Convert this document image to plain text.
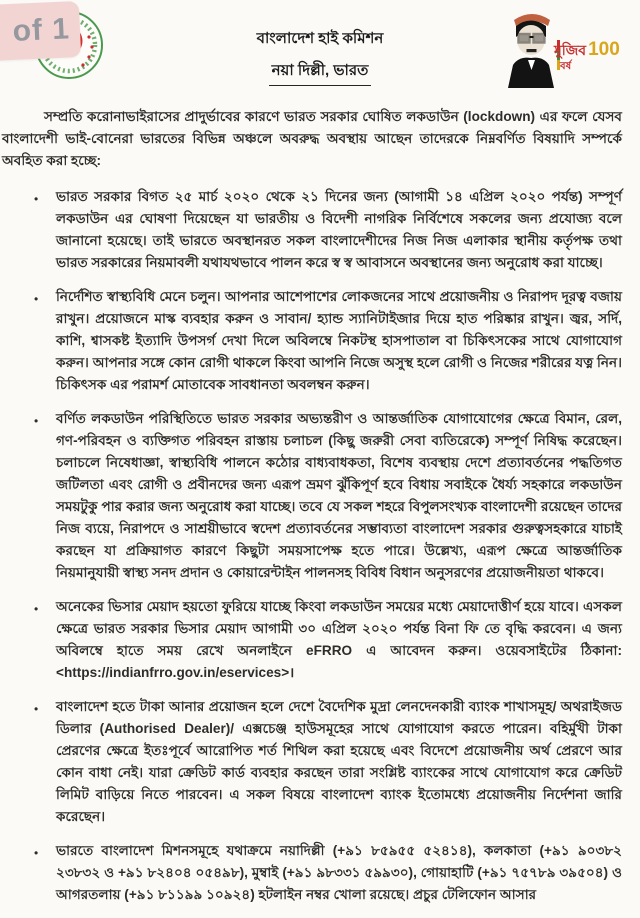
of 1	বাংলাদেশ হাই কমিশন
নয়া দিল্লী, ভারত
মুজিব 100
বর্ষ

সম্প্রতি করোনাভাইরাসের প্রাদুর্ভাবের কারণে ভারত সরকার ঘোষিত লকডাউন (lockdown) এর ফলে যেসব বাংলাদেশী ভাই-বোনেরা ভারতের বিভিন্ন অঞ্চলে অবরুদ্ধ অবস্থায় আছেন তাদেরকে নিম্নবর্ণিত বিষয়াদি সম্পর্কে অবহিত করা হচ্ছে:

•

ভারত সরকার বিগত ২৫ মার্চ ২০২০ থেকে ২১ দিনের জন্য (আগামী ১৪ এপ্রিল ২০২০ পর্যন্ত) সম্পূর্ণ লকডাউন এর ঘোষণা দিয়েছেন যা ভারতীয় ও বিদেশী নাগরিক নির্বিশেষে সকলের জন্য প্রযোজ্য বলে জানানো হয়েছে। তাই ভারতে অবস্থানরত সকল বাংলাদেশীদের নিজ নিজ এলাকার স্থানীয় কর্তৃপক্ষ তথা ভারত সরকারের নিয়মাবলী যথাযথভাবে পালন করে স্ব স্ব আবাসনে অবস্থানের জন্য অনুরোধ করা যাচ্ছে।

•

নির্দেশিত স্বাস্থ্যবিধি মেনে চলুন। আপনার আশেপাশের লোকজনের সাথে প্রয়োজনীয় ও নিরাপদ দূরত্ব বজায় রাখুন। প্রয়োজনে মাস্ক ব্যবহার করুন ও সাবান/ হ্যান্ড স্যানিটাইজার দিয়ে হাত পরিষ্কার রাখুন। জ্বর, সর্দি, কাশি, শ্বাসকষ্ট ইত্যাদি উপসর্গ দেখা দিলে অবিলম্বে নিকটস্থ হাসপাতাল বা চিকিৎসকের সাথে যোগাযোগ করুন। আপনার সঙ্গে কোন রোগী থাকলে কিংবা আপনি নিজে অসুস্থ হলে রোগী ও নিজের শরীরের যত্ন নিন। চিকিৎসক এর পরামর্শ মোতাবেক সাবধানতা অবলম্বন করুন।

•

বর্ণিত লকডাউন পরিস্থিতিতে ভারত সরকার অভ্যন্তরীণ ও আন্তর্জাতিক যোগাযোগের ক্ষেত্রে বিমান, রেল, গণ-পরিবহন ও ব্যক্তিগত পরিবহন রাস্তায় চলাচল (কিছু জরুরী সেবা ব্যতিরেকে) সম্পূর্ণ নিষিদ্ধ করেছেন। চলাচলে নিষেধাজ্ঞা, স্বাস্থ্যবিধি পালনে কঠোর বাধ্যবাধকতা, বিশেষ ব্যবস্থায় দেশে প্রত্যাবর্তনের পদ্ধতিগত জটিলতা এবং রোগী ও প্রবীনদের জন্য এরূপ ভ্রমণ ঝুঁকিপূর্ণ হবে বিধায় সবাইকে ধৈর্য্য সহকারে লকডাউন সময়টুকু পার করার জন্য অনুরোধ করা যাচ্ছে। তবে যে সকল শহরে বিপুলসংখ্যক বাংলাদেশী রয়েছেন তাদের নিজ ব্যয়ে, নিরাপদে ও সাশ্রয়ীভাবে স্বদেশ প্রত্যাবর্তনের সম্ভাব্যতা বাংলাদেশ সরকার গুরুত্বসহকারে যাচাই করছেন যা প্রক্রিয়াগত কারণে কিছুটা সময়সাপেক্ষ হতে পারে। উল্লেখ্য, এরূপ ক্ষেত্রে আন্তর্জাতিক নিয়মানুযায়ী স্বাস্থ্য সনদ প্রদান ও কোয়ারেন্টাইন পালনসহ বিবিধ বিধান অনুসরণের প্রয়োজনীয়তা থাকবে।

•

অনেকের ভিসার মেয়াদ হয়তো ফুরিয়ে যাচ্ছে কিংবা লকডাউন সময়ের মধ্যে মেয়াদোত্তীর্ণ হয়ে যাবে। এসকল ক্ষেত্রে ভারত সরকার ভিসার মেয়াদ আগামী ৩০ এপ্রিল ২০২০ পর্যন্ত বিনা ফি তে বৃদ্ধি করবেন। এ জন্য অবিলম্বে হাতে সময় রেখে অনলাইনে eFRRO এ আবেদন করুন। ওয়েবসাইটের ঠিকানা: <https://indianfrro.gov.in/eservices>।

•

বাংলাদেশ হতে টাকা আনার প্রয়োজন হলে দেশে বৈদেশিক মুদ্রা লেনদেনকারী ব্যাংক শাখাসমূহ/ অথরাইজড ডিলার (Authorised Dealer)/ এক্সচেঞ্জ হাউসমূহের সাথে যোগাযোগ করতে পারেন। বহির্মুখী টাকা প্রেরণের ক্ষেত্রে ইতঃপূর্বে আরোপিত শর্ত শিথিল করা হয়েছে এবং বিদেশে প্রয়োজনীয় অর্থ প্রেরণে আর কোন বাধা নেই। যারা ক্রেডিট কার্ড ব্যবহার করছেন তারা সংশ্লিষ্ট ব্যাংকের সাথে যোগাযোগ করে ক্রেডিট লিমিট বাড়িয়ে নিতে পারবেন। এ সকল বিষয়ে বাংলাদেশ ব্যাংক ইতোমধ্যে প্রয়োজনীয় নির্দেশনা জারি করেছেন।

•

ভারতে বাংলাদেশ মিশনসমূহে যথাক্রমে নয়াদিল্লী (+৯১ ৮৫৯৫৫ ৫২৪১৪), কলকাতা (+৯১ ৯০৩৮২ ২৩৮৩২ ও +৯১ ৮২৪০৪ ০৫৪৯৮), মুম্বাই (+৯১ ৯৮৩৩১ ৫৯৯৩০), গোয়াহাটি (+৯১ ৭৫৭৮৯ ৩৯৫০৪) ও আগরতলায় (+৯১ ৮১১৯৯ ১০৯২৪) হটলাইন নম্বর খোলা রয়েছে। প্রচুর টেলিফোন আসার
